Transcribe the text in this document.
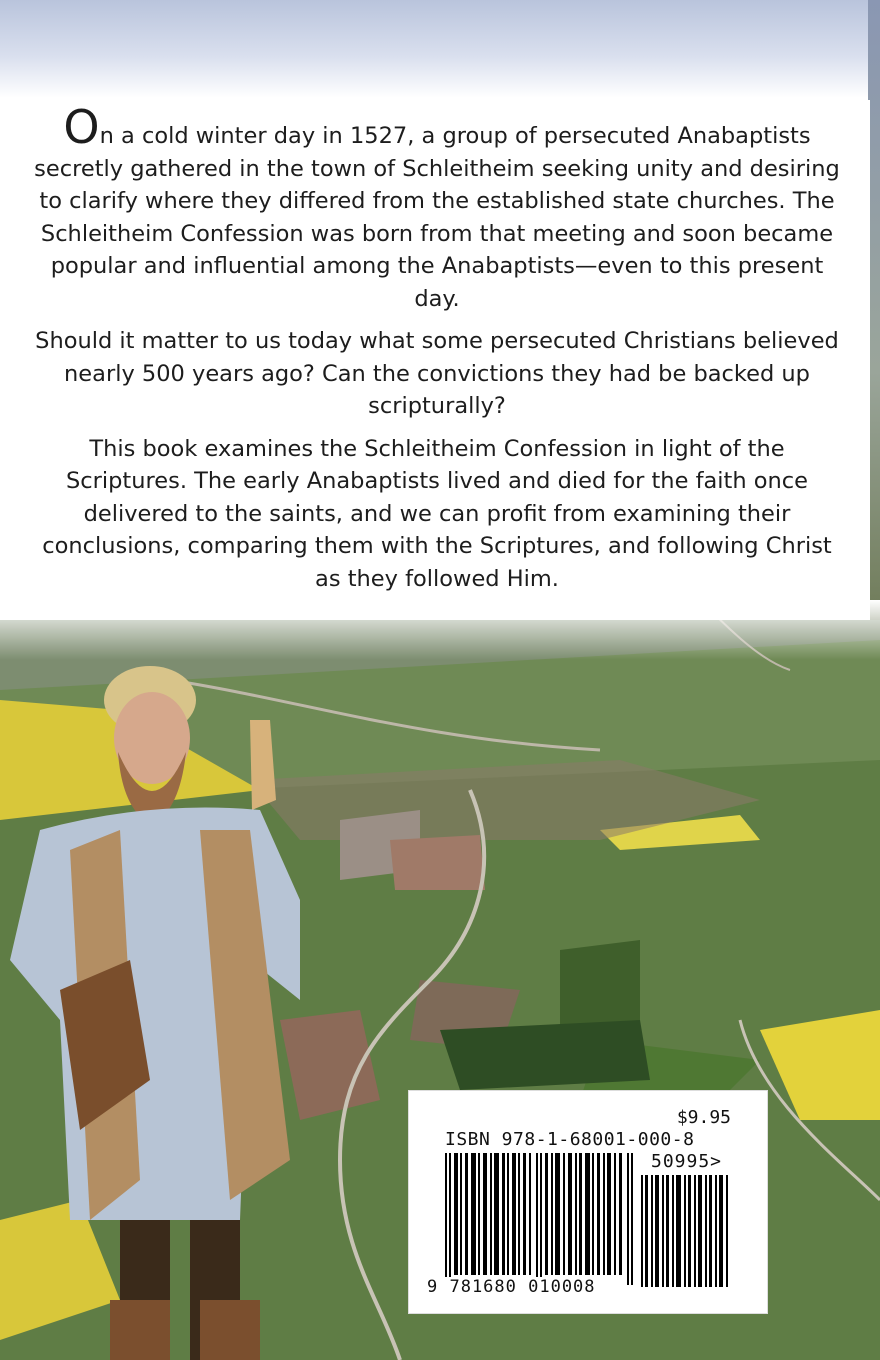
On a cold winter day in 1527, a group of persecuted Anabaptists secretly gathered in the town of Schleitheim seeking unity and desiring to clarify where they differed from the established state churches. The Schleitheim Confession was born from that meeting and soon became popular and influential among the Anabaptists—even to this present day.

Should it matter to us today what some persecuted Christians believed nearly 500 years ago? Can the convictions they had be backed up scripturally?

This book examines the Schleitheim Confession in light of the Scriptures. The early Anabaptists lived and died for the faith once delivered to the saints, and we can profit from examining their conclusions, comparing them with the Scriptures, and following Christ as they followed Him.

$9.95
ISBN 978-1-68001-000-8
50995>
9 781680 010008
